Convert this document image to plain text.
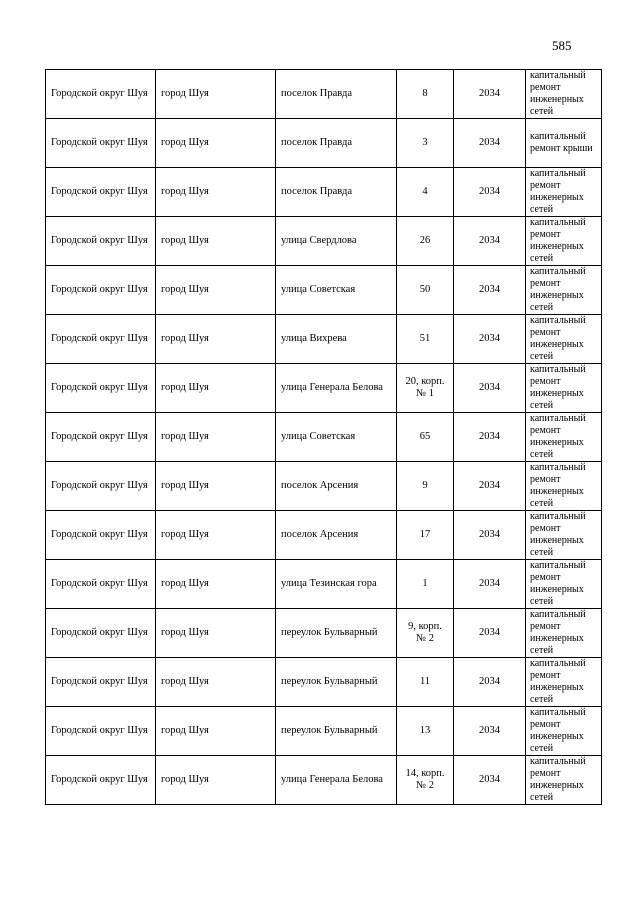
585
Городской округ Шуя	город Шуя	поселок Правда	8	2034	капитальный ремонт инженерных сетей
Городской округ Шуя	город Шуя	поселок Правда	3	2034	капитальный ремонт крыши
Городской округ Шуя	город Шуя	поселок Правда	4	2034	капитальный ремонт инженерных сетей
Городской округ Шуя	город Шуя	улица Свердлова	26	2034	капитальный ремонт инженерных сетей
Городской округ Шуя	город Шуя	улица Советская	50	2034	капитальный ремонт инженерных сетей
Городской округ Шуя	город Шуя	улица Вихрева	51	2034	капитальный ремонт инженерных сетей
Городской округ Шуя	город Шуя	улица Генерала Белова	20, корп. № 1	2034	капитальный ремонт инженерных сетей
Городской округ Шуя	город Шуя	улица Советская	65	2034	капитальный ремонт инженерных сетей
Городской округ Шуя	город Шуя	поселок Арсения	9	2034	капитальный ремонт инженерных сетей
Городской округ Шуя	город Шуя	поселок Арсения	17	2034	капитальный ремонт инженерных сетей
Городской округ Шуя	город Шуя	улица Тезинская гора	1	2034	капитальный ремонт инженерных сетей
Городской округ Шуя	город Шуя	переулок Бульварный	9, корп. № 2	2034	капитальный ремонт инженерных сетей
Городской округ Шуя	город Шуя	переулок Бульварный	11	2034	капитальный ремонт инженерных сетей
Городской округ Шуя	город Шуя	переулок Бульварный	13	2034	капитальный ремонт инженерных сетей
Городской округ Шуя	город Шуя	улица Генерала Белова	14, корп. № 2	2034	капитальный ремонт инженерных сетей
